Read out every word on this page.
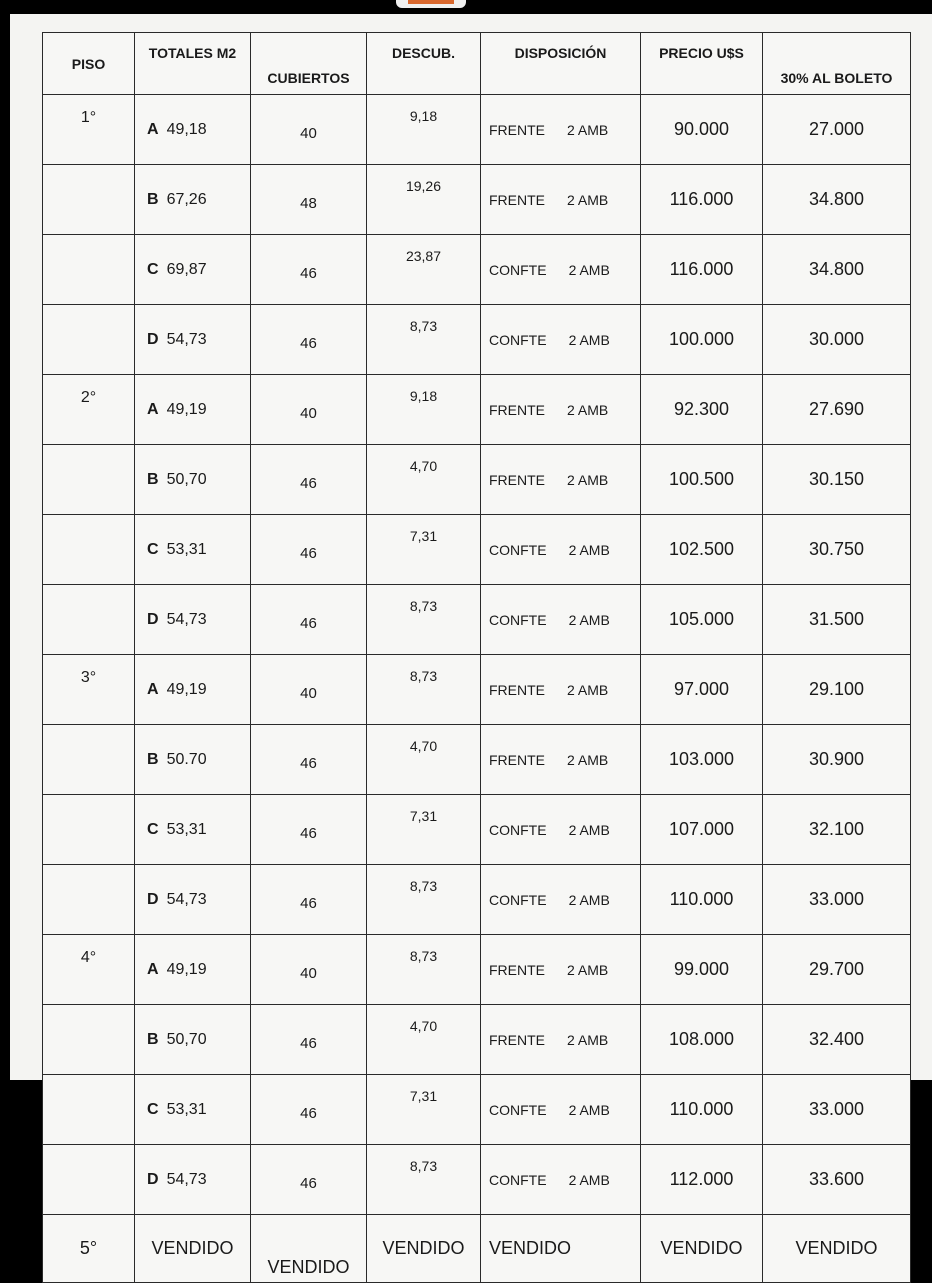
PISO	TOTALES M2	CUBIERTOS	DESCUB.	DISPOSICIÓN	PRECIO U$S	30% AL BOLETO
1°	A 49,18	40	9,18	FRENTE 2 AMB	90.000	27.000
	B 67,26	48	19,26	FRENTE 2 AMB	116.000	34.800
	C 69,87	46	23,87	CONFTE 2 AMB	116.000	34.800
	D 54,73	46	8,73	CONFTE 2 AMB	100.000	30.000
2°	A 49,19	40	9,18	FRENTE 2 AMB	92.300	27.690
	B 50,70	46	4,70	FRENTE 2 AMB	100.500	30.150
	C 53,31	46	7,31	CONFTE 2 AMB	102.500	30.750
	D 54,73	46	8,73	CONFTE 2 AMB	105.000	31.500
3°	A 49,19	40	8,73	FRENTE 2 AMB	97.000	29.100
	B 50.70	46	4,70	FRENTE 2 AMB	103.000	30.900
	C 53,31	46	7,31	CONFTE 2 AMB	107.000	32.100
	D 54,73	46	8,73	CONFTE 2 AMB	110.000	33.000
4°	A 49,19	40	8,73	FRENTE 2 AMB	99.000	29.700
	B 50,70	46	4,70	FRENTE 2 AMB	108.000	32.400
	C 53,31	46	7,31	CONFTE 2 AMB	110.000	33.000
	D 54,73	46	8,73	CONFTE 2 AMB	112.000	33.600
5°	VENDIDO	VENDIDO	VENDIDO	VENDIDO	VENDIDO	VENDIDO
